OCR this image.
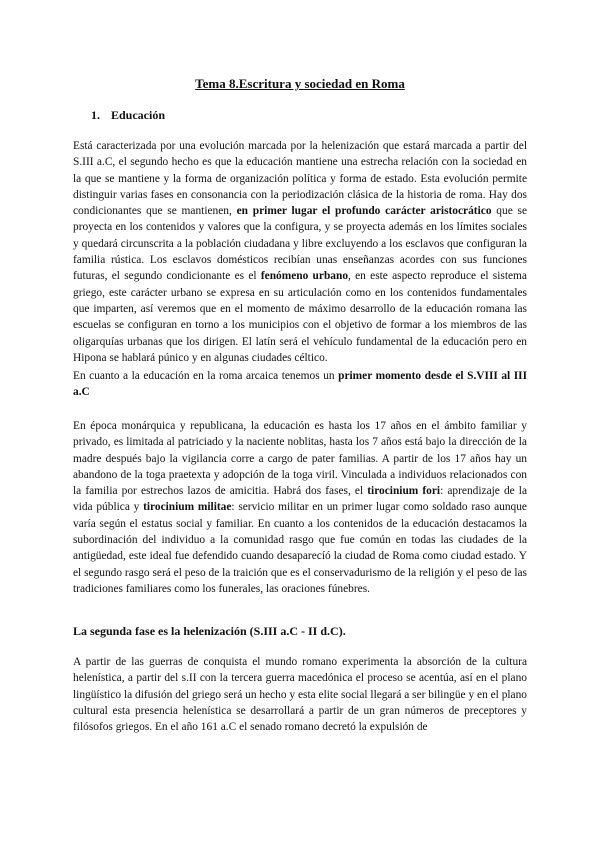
Tema 8.Escritura y sociedad en Roma
1. Educación

Está caracterizada por una evolución marcada por la helenización que estará marcada a partir del S.III a.C, el segundo hecho es que la educación mantiene una estrecha relación con la sociedad en la que se mantiene y la forma de organización política y forma de estado. Esta evolución permite distinguir varias fases en consonancia con la periodización clásica de la historia de roma. Hay dos condicionantes que se mantienen, en primer lugar el profundo carácter aristocrático que se proyecta en los contenidos y valores que la configura, y se proyecta además en los límites sociales y quedará circunscrita a la población ciudadana y libre excluyendo a los esclavos que configuran la familia rústica. Los esclavos domésticos recibían unas enseñanzas acordes con sus funciones futuras, el segundo condicionante es el fenómeno urbano, en este aspecto reproduce el sistema griego, este carácter urbano se expresa en su articulación como en los contenidos fundamentales que imparten, así veremos que en el momento de máximo desarrollo de la educación romana las escuelas se configuran en torno a los municipios con el objetivo de formar a los miembros de las oligarquías urbanas que los dirigen. El latín será el vehículo fundamental de la educación pero en Hipona se hablará púnico y en algunas ciudades céltico.

En cuanto a la educación en la roma arcaica tenemos un primer momento desde el S.VIII al III a.C

En época monárquica y republicana, la educación es hasta los 17 años en el ámbito familiar y privado, es limitada al patriciado y la naciente noblitas, hasta los 7 años está bajo la dirección de la madre después bajo la vigilancia corre a cargo de pater familias. A partir de los 17 años hay un abandono de la toga praetexta y adopción de la toga viril. Vinculada a individuos relacionados con la familia por estrechos lazos de amicitia. Habrá dos fases, el tirocinium fori: aprendizaje de la vida pública y tirocinium militae: servicio militar en un primer lugar como soldado raso aunque varía según el estatus social y familiar. En cuanto a los contenidos de la educación destacamos la subordinación del individuo a la comunidad rasgo que fue común en todas las ciudades de la antigüedad, este ideal fue defendido cuando desaparecíó la ciudad de Roma como ciudad estado. Y el segundo rasgo será el peso de la traición que es el conservadurismo de la religión y el peso de las tradiciones familiares como los funerales, las oraciones fúnebres.

La segunda fase es la helenización (S.III a.C - II d.C).

A partir de las guerras de conquista el mundo romano experimenta la absorción de la cultura helenística, a partir del s.II con la tercera guerra macedónica el proceso se acentúa, así en el plano lingüístico la difusión del griego será un hecho y esta elite social llegará a ser bilingüe y en el plano cultural esta presencia helenística se desarrollará a partir de un gran números de preceptores y filósofos griegos. En el año 161 a.C el senado romano decretó la expulsión de
